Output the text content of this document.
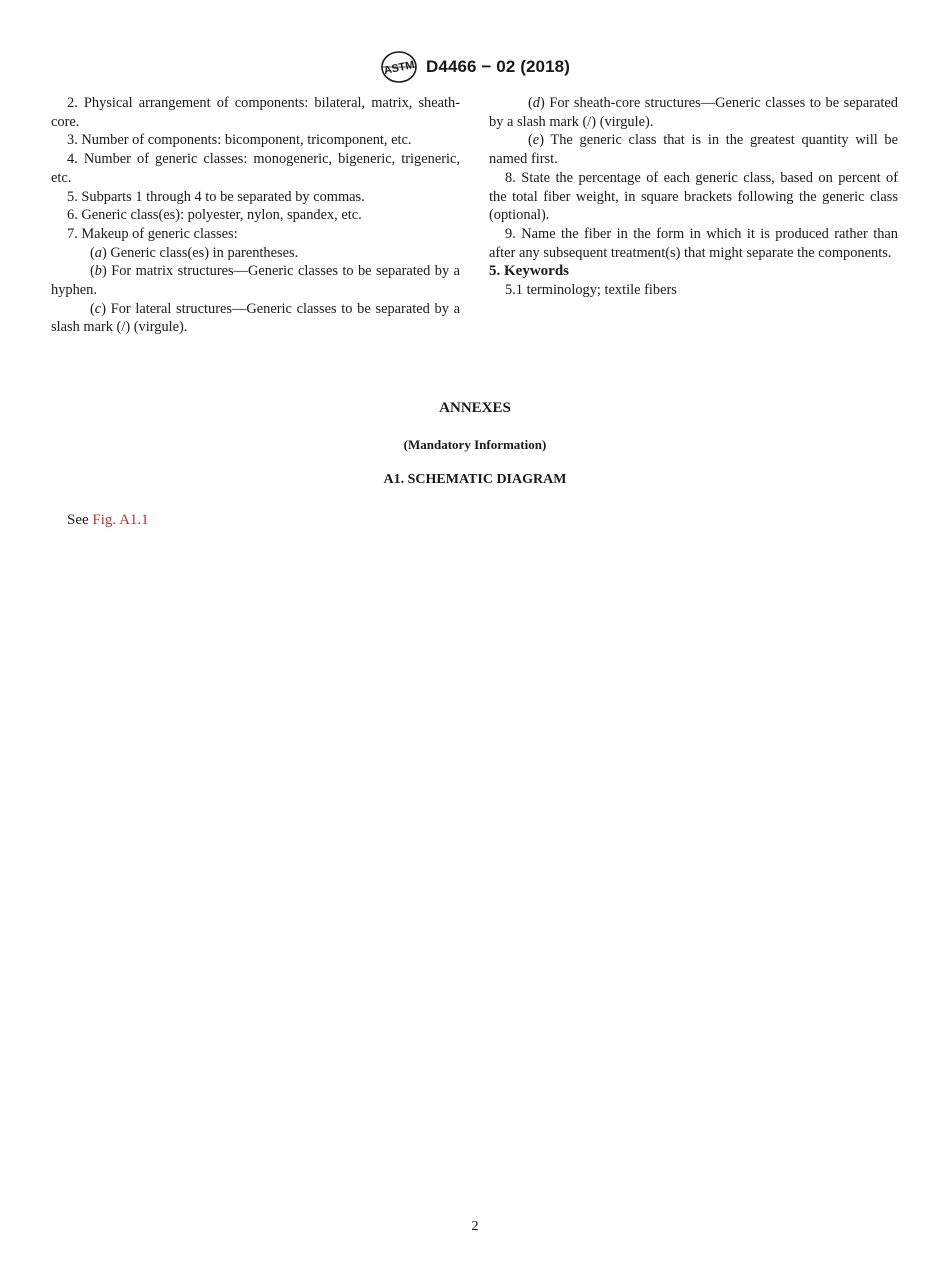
ASTM D4466 − 02 (2018)

2. Physical arrangement of components: bilateral, matrix, sheath-core.

3. Number of components: bicomponent, tricomponent, etc.

4. Number of generic classes: monogeneric, bigeneric, trigeneric, etc.

5. Subparts 1 through 4 to be separated by commas.

6. Generic class(es): polyester, nylon, spandex, etc.

7. Makeup of generic classes:

(a) Generic class(es) in parentheses.

(b) For matrix structures—Generic classes to be separated by a hyphen.

(c) For lateral structures—Generic classes to be separated by a slash mark (/) (virgule).

(d) For sheath-core structures—Generic classes to be separated by a slash mark (/) (virgule).

(e) The generic class that is in the greatest quantity will be named first.

8. State the percentage of each generic class, based on percent of the total fiber weight, in square brackets following the generic class (optional).

9. Name the fiber in the form in which it is produced rather than after any subsequent treatment(s) that might separate the components.

5. Keywords

5.1 terminology; textile fibers

ANNEXES
(Mandatory Information)
A1. SCHEMATIC DIAGRAM
See Fig. A1.1
2
